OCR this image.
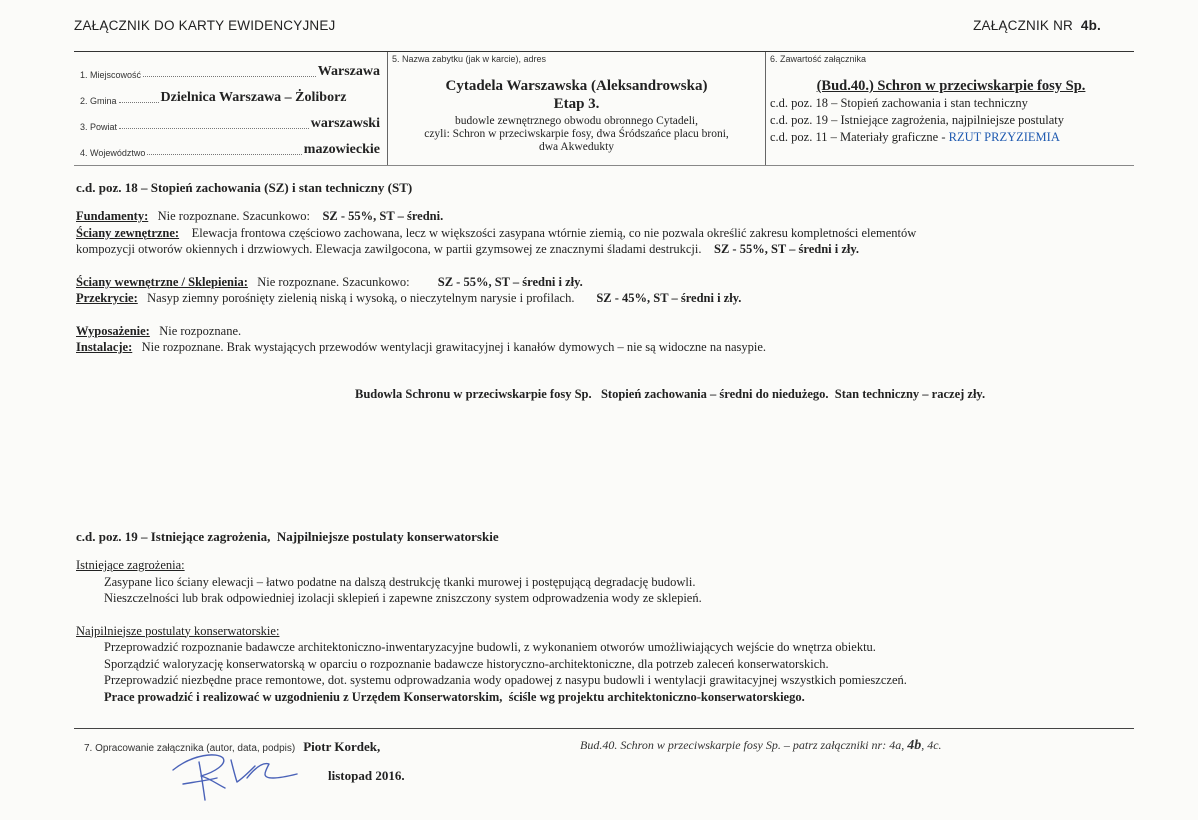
ZAŁĄCZNIK DO KARTY EWIDENCYJNEJ	ZAŁĄCZNIK NR 4b.
1. Miejscowość	Warszawa
2. Gmina	Dzielnica Warszawa – Żoliborz
3. Powiat	warszawski
4. Województwo	mazowieckie
5. Nazwa zabytku (jak w karcie), adres
Cytadela Warszawska (Aleksandrowska)
Etap 3.
budowle zewnętrznego obwodu obronnego Cytadeli,
czyli: Schron w przeciwskarpie fosy, dwa Śródszańce placu broni,
dwa Akwedukty
6. Zawartość załącznika
(Bud.40.) Schron w przeciwskarpie fosy Sp.
c.d. poz. 18 – Stopień zachowania i stan techniczny
c.d. poz. 19 – Istniejące zagrożenia, najpilniejsze postulaty
c.d. poz. 11 – Materiały graficzne - RZUT PRZYZIEMIA
c.d. poz. 18 – Stopień zachowania (SZ) i stan techniczny (ST)
Fundamenty: Nie rozpoznane. Szacunkowo: SZ - 55%, ST – średni.
Ściany zewnętrzne: Elewacja frontowa częściowo zachowana, lecz w większości zasypana wtórnie ziemią, co nie pozwala określić zakresu kompletności elementów
kompozycji otworów okiennych i drzwiowych. Elewacja zawilgocona, w partii gzymsowej ze znacznymi śladami destrukcji. SZ - 55%, ST – średni i zły.
Ściany wewnętrzne / Sklepienia: Nie rozpoznane. Szacunkowo: SZ - 55%, ST – średni i zły.
Przekrycie: Nasyp ziemny porośnięty zielenią niską i wysoką, o nieczytelnym narysie i profilach. SZ - 45%, ST – średni i zły.
Wyposażenie: Nie rozpoznane.
Instalacje: Nie rozpoznane. Brak wystających przewodów wentylacji grawitacyjnej i kanałów dymowych – nie są widoczne na nasypie.
Budowla Schronu w przeciwskarpie fosy Sp.   Stopień zachowania – średni do niedużego.  Stan techniczny – raczej zły.
c.d. poz. 19 – Istniejące zagrożenia,  Najpilniejsze postulaty konserwatorskie
Istniejące zagrożenia:
Zasypane lico ściany elewacji – łatwo podatne na dalszą destrukcję tkanki murowej i postępującą degradację budowli.
Nieszczelności lub brak odpowiedniej izolacji sklepień i zapewne zniszczony system odprowadzenia wody ze sklepień.
Najpilniejsze postulaty konserwatorskie:
Przeprowadzić rozpoznanie badawcze architektoniczno-inwentaryzacyjne budowli, z wykonaniem otworów umożliwiających wejście do wnętrza obiektu.
Sporządzić waloryzację konserwatorską w oparciu o rozpoznanie badawcze historyczno-architektoniczne, dla potrzeb zaleceń konserwatorskich.
Przeprowadzić niezbędne prace remontowe, dot. systemu odprowadzania wody opadowej z nasypu budowli i wentylacji grawitacyjnej wszystkich pomieszczeń.
Prace prowadzić i realizować w uzgodnieniu z Urzędem Konserwatorskim,  ściśle wg projektu architektoniczno-konserwatorskiego.
7. Opracowanie załącznika (autor, data, podpis) Piotr Kordek,
listopad 2016.
Bud.40. Schron w przeciwskarpie fosy Sp. – patrz załączniki nr: 4a, 4b, 4c.
